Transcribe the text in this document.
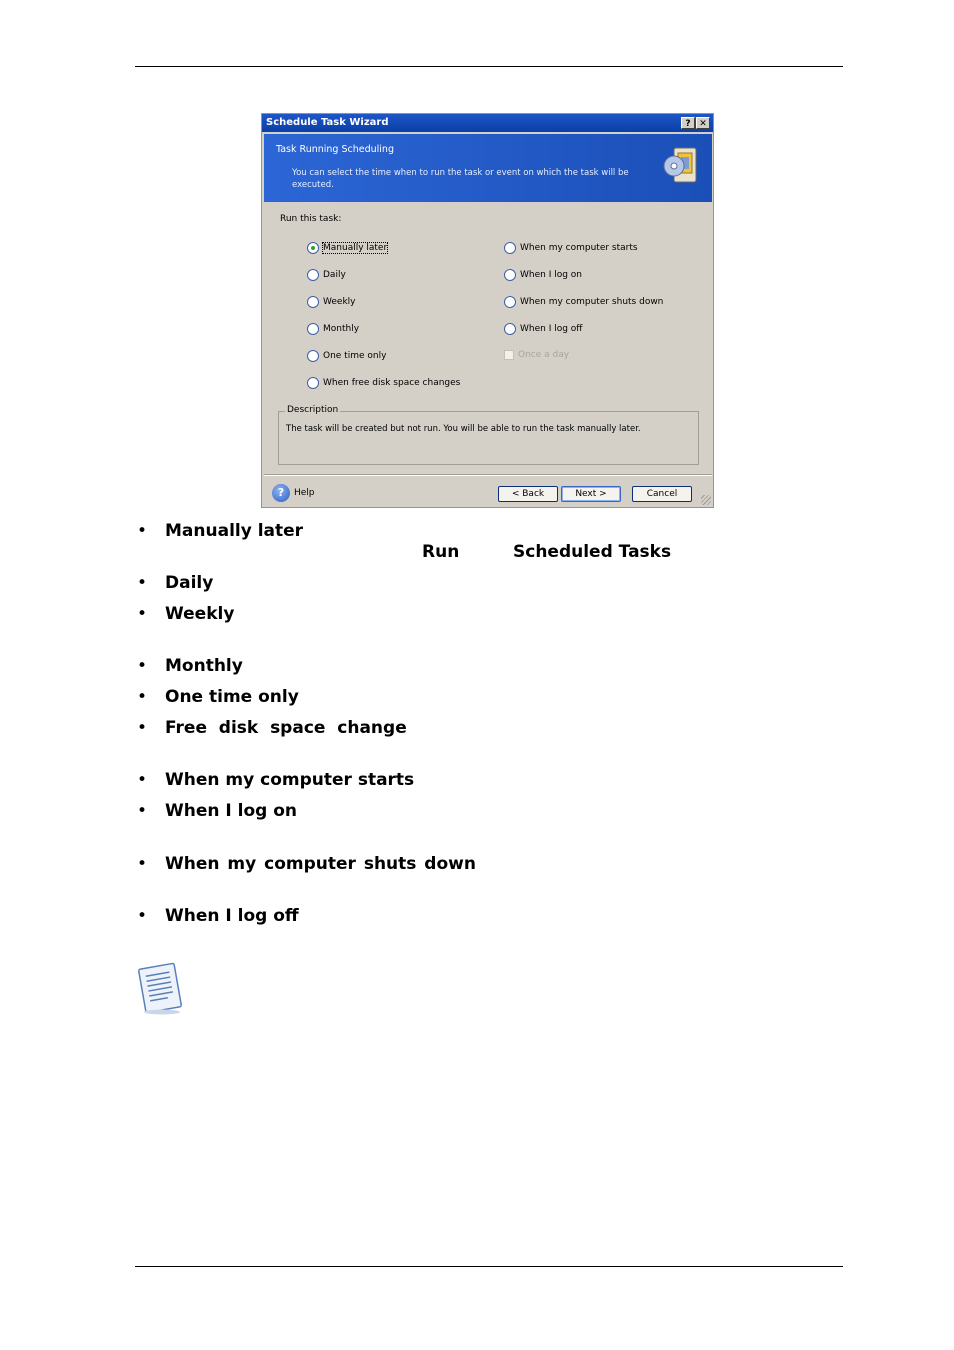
Schedule Task Wizard	? ✕
Task Running Scheduling
You can select the time when to run the task or event on which the task will be executed.
Run this task:
Manually later
Daily
Weekly
Monthly
One time only
When free disk space changes
When my computer starts
When I log on
When my computer shuts down
When I log off
Once a day
Description
The task will be created but not run. You will be able to run the task manually later.
?	Help	< Back	Next >	Cancel
• Manually later
Run	Scheduled Tasks
• Daily
• Weekly
• Monthly
• One time only
• Free  disk  space  change
• When my computer starts
• When I log on
• When my computer shuts down
• When I log off
